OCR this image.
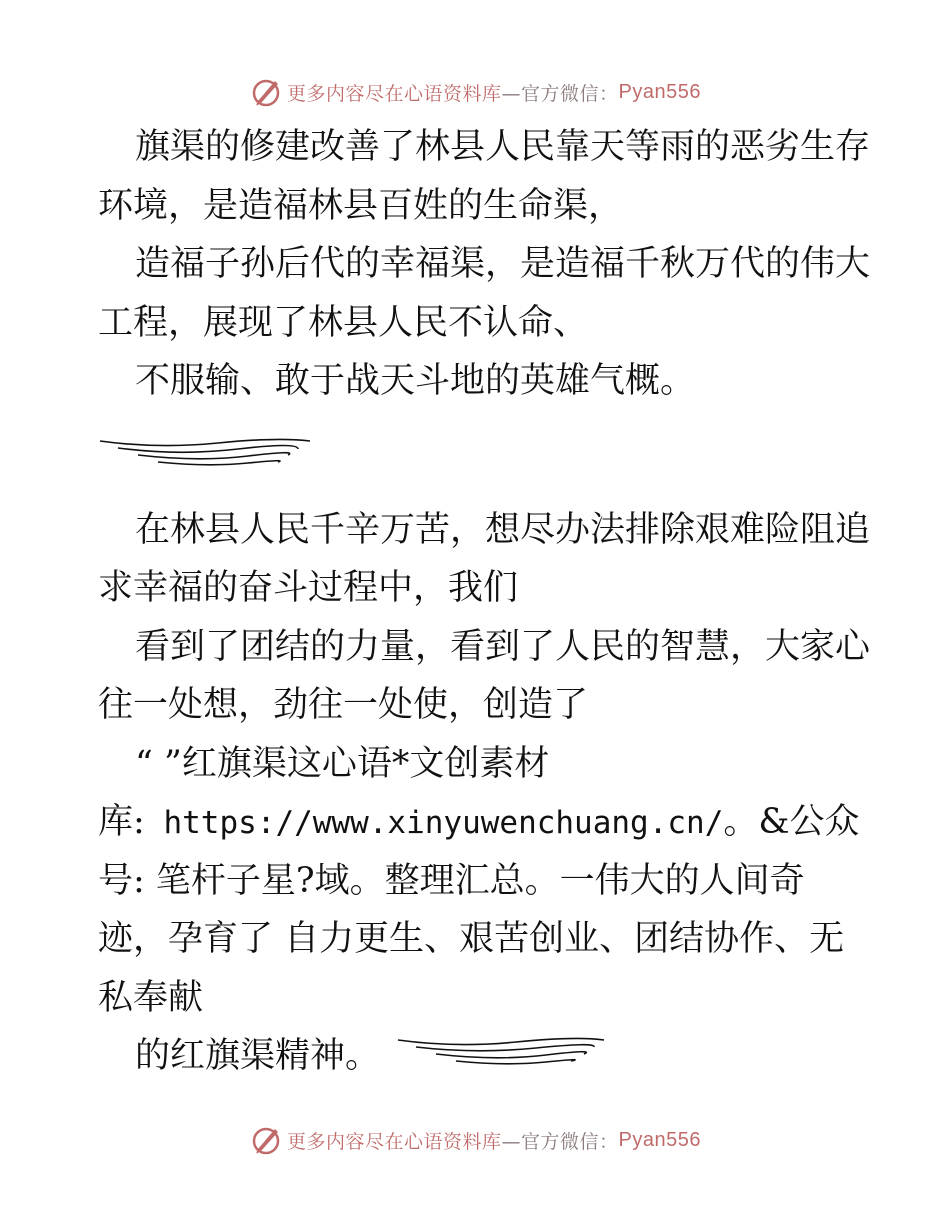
更多内容尽在心语资料库 —官方微信： Pyan556
旗渠的修建改善了林县人民靠天等雨的恶劣生存
环境，是造福林县百姓的生命渠，
造福子孙后代的幸福渠，是造福千秋万代的伟大
工程，展现了林县人民不认命、
不服输、敢于战天斗地的英雄气概。
在林县人民千辛万苦，想尽办法排除艰难险阻追
求幸福的奋斗过程中，我们
看到了团结的力量，看到了人民的智慧，大家心
往一处想，劲往一处使，创造了
“ ”红旗渠这心语*文创素材
库: https://www.xinyuwenchuang.cn/。&公众
号: 笔杆子星?域。整理汇总。一伟大的人间奇
迹，孕育了 自力更生、艰苦创业、团结协作、无
私奉献
的红旗渠精神。
更多内容尽在心语资料库 —官方微信： Pyan556
